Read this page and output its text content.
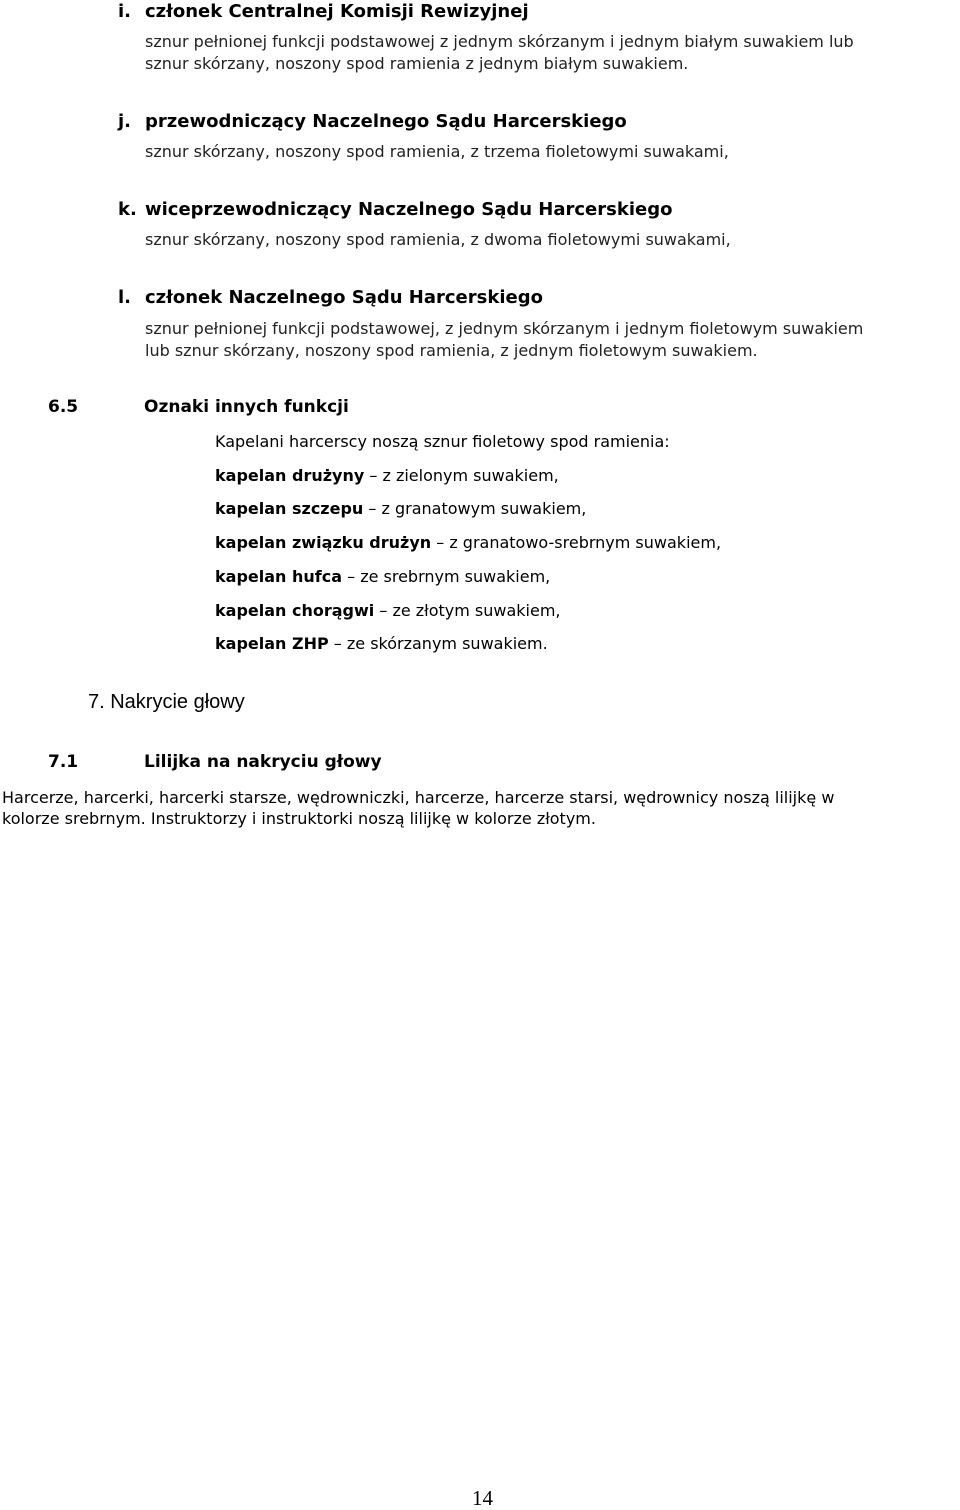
i. członek Centralnej Komisji Rewizyjnej
sznur pełnionej funkcji podstawowej z jednym skórzanym i jednym białym suwakiem lub
sznur skórzany, noszony spod ramienia z jednym białym suwakiem.
j. przewodniczący Naczelnego Sądu Harcerskiego
sznur skórzany, noszony spod ramienia, z trzema fioletowymi suwakami,
k. wiceprzewodniczący Naczelnego Sądu Harcerskiego
sznur skórzany, noszony spod ramienia, z dwoma fioletowymi suwakami,
l. członek Naczelnego Sądu Harcerskiego
sznur pełnionej funkcji podstawowej, z jednym skórzanym i jednym fioletowym suwakiem
lub sznur skórzany, noszony spod ramienia, z jednym fioletowym suwakiem.
6.5	Oznaki innych funkcji
Kapelani harcerscy noszą sznur fioletowy spod ramienia:
kapelan drużyny – z zielonym suwakiem,
kapelan szczepu – z granatowym suwakiem,
kapelan związku drużyn – z granatowo-srebrnym suwakiem,
kapelan hufca – ze srebrnym suwakiem,
kapelan chorągwi – ze złotym suwakiem,
kapelan ZHP – ze skórzanym suwakiem.
7. Nakrycie głowy
7.1	Lilijka na nakryciu głowy
Harcerze, harcerki, harcerki starsze, wędrowniczki, harcerze, harcerze starsi, wędrownicy noszą lilijkę w
kolorze srebrnym. Instruktorzy i instruktorki noszą lilijkę w kolorze złotym.
14
